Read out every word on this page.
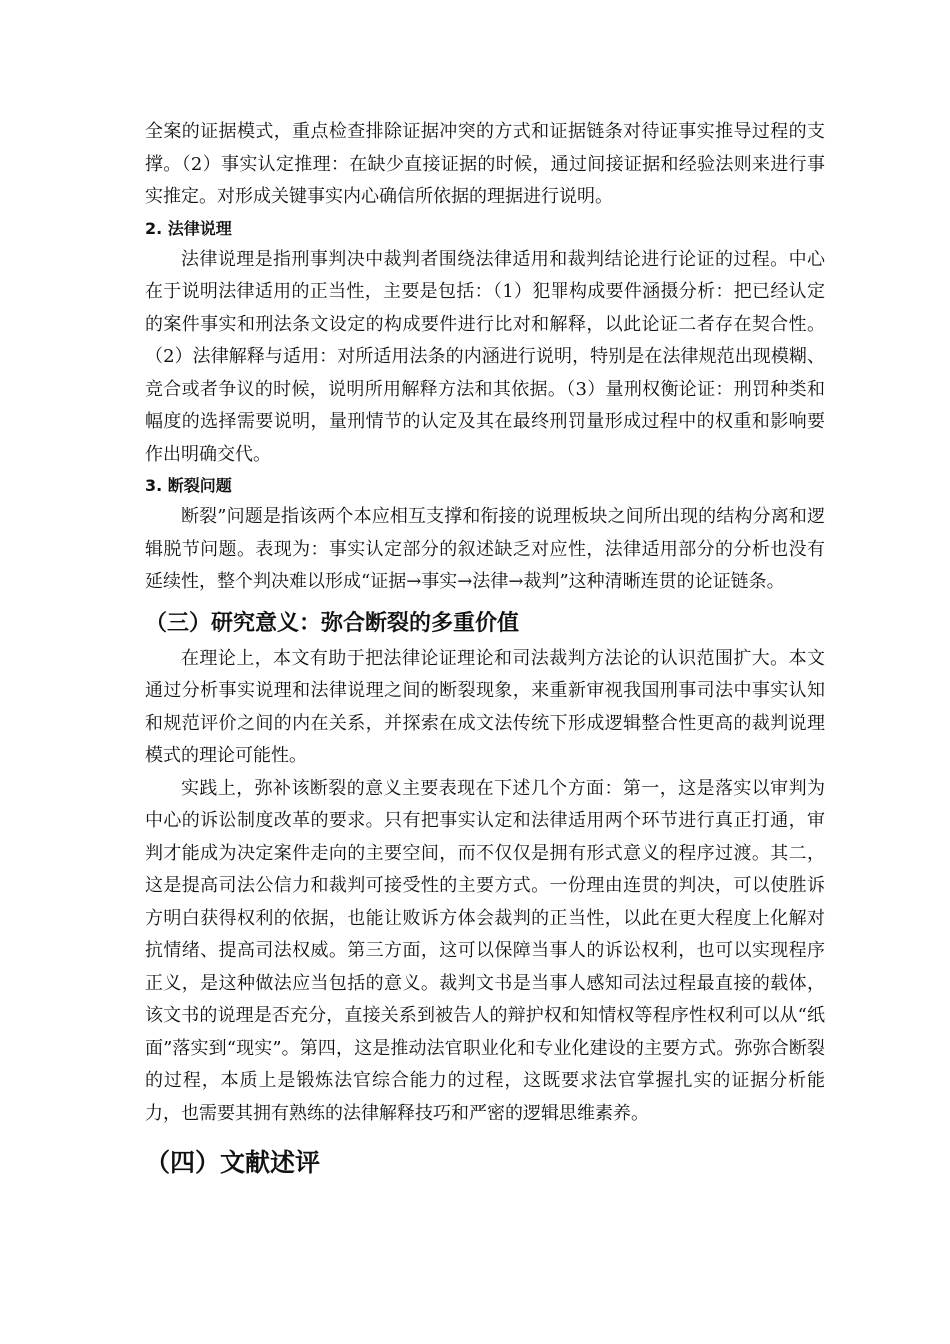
全案的证据模式，重点检查排除证据冲突的方式和证据链条对待证事实推导过程的支撑。（2）事实认定推理：在缺少直接证据的时候，通过间接证据和经验法则来进行事实推定。对形成关键事实内心确信所依据的理据进行说明。

2. 法律说理

法律说理是指刑事判决中裁判者围绕法律适用和裁判结论进行论证的过程。中心在于说明法律适用的正当性，主要是包括：（1）犯罪构成要件涵摄分析：把已经认定的案件事实和刑法条文设定的构成要件进行比对和解释，以此论证二者存在契合性。（2）法律解释与适用：对所适用法条的内涵进行说明，特别是在法律规范出现模糊、竞合或者争议的时候，说明所用解释方法和其依据。（3）量刑权衡论证：刑罚种类和幅度的选择需要说明，量刑情节的认定及其在最终刑罚量形成过程中的权重和影响要作出明确交代。

3. 断裂问题

断裂”问题是指该两个本应相互支撑和衔接的说理板块之间所出现的结构分离和逻辑脱节问题。表现为：事实认定部分的叙述缺乏对应性，法律适用部分的分析也没有延续性，整个判决难以形成“证据→事实→法律→裁判”这种清晰连贯的论证链条。

（三）研究意义：弥合断裂的多重价值

在理论上，本文有助于把法律论证理论和司法裁判方法论的认识范围扩大。本文通过分析事实说理和法律说理之间的断裂现象，来重新审视我国刑事司法中事实认知和规范评价之间的内在关系，并探索在成文法传统下形成逻辑整合性更高的裁判说理模式的理论可能性。

实践上，弥补该断裂的意义主要表现在下述几个方面：第一，这是落实以审判为中心的诉讼制度改革的要求。只有把事实认定和法律适用两个环节进行真正打通，审判才能成为决定案件走向的主要空间，而不仅仅是拥有形式意义的程序过渡。其二，这是提高司法公信力和裁判可接受性的主要方式。一份理由连贯的判决，可以使胜诉方明白获得权利的依据，也能让败诉方体会裁判的正当性，以此在更大程度上化解对抗情绪、提高司法权威。第三方面，这可以保障当事人的诉讼权利，也可以实现程序正义，是这种做法应当包括的意义。裁判文书是当事人感知司法过程最直接的载体，该文书的说理是否充分，直接关系到被告人的辩护权和知情权等程序性权利可以从“纸面”落实到“现实”。第四，这是推动法官职业化和专业化建设的主要方式。弥弥合断裂的过程，本质上是锻炼法官综合能力的过程，这既要求法官掌握扎实的证据分析能力，也需要其拥有熟练的法律解释技巧和严密的逻辑思维素养。

（四）文献述评
